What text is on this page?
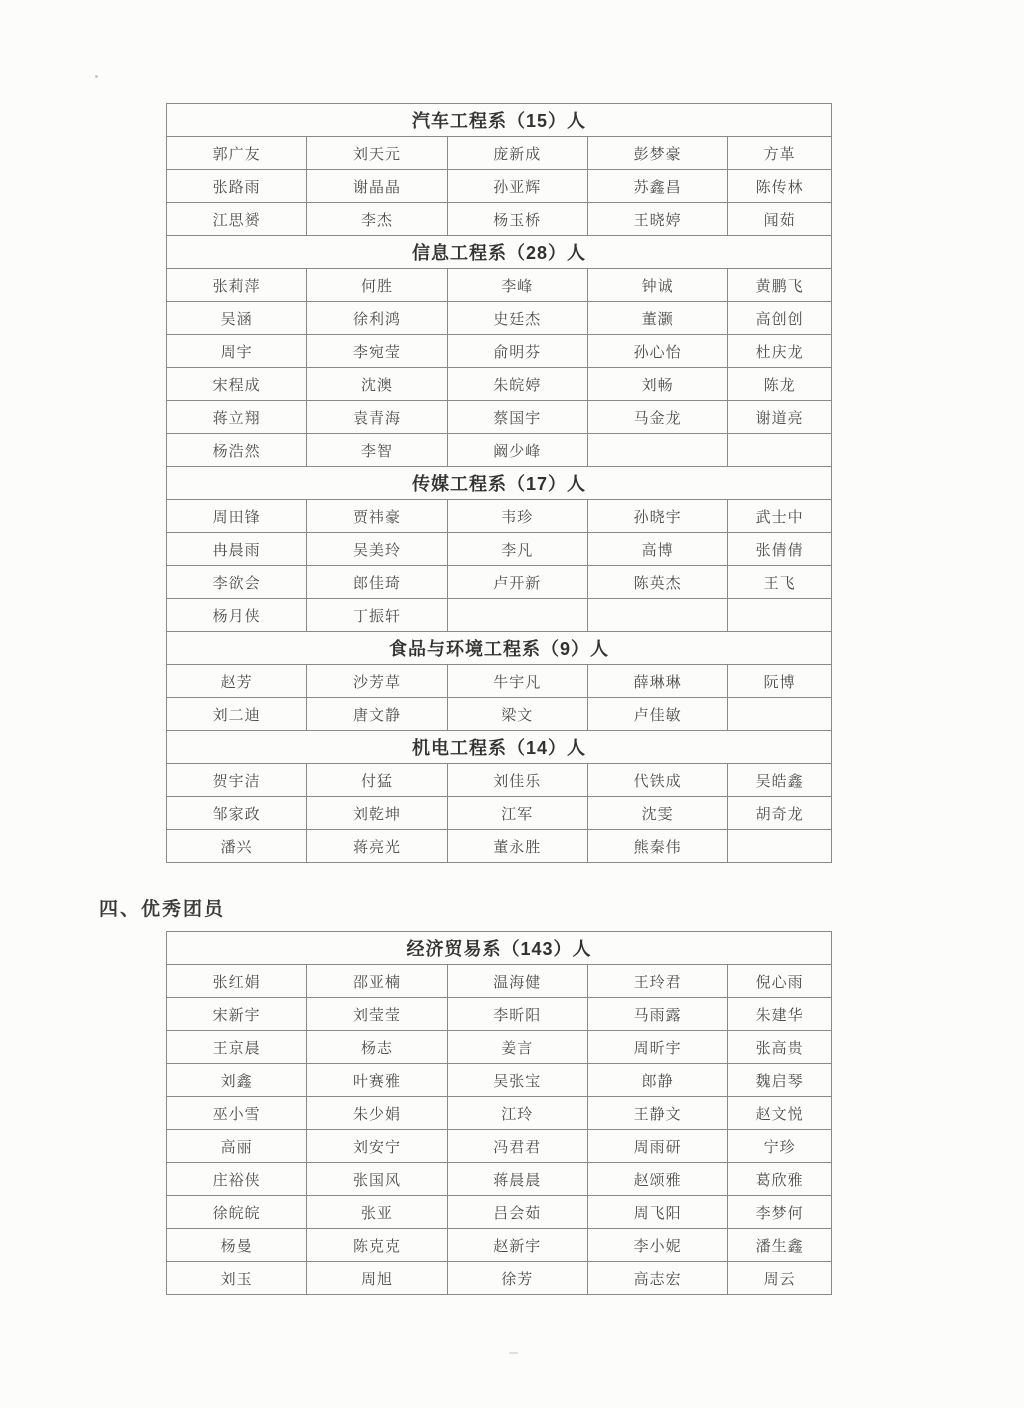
汽车工程系（15）人				
郭广友	刘天元	庞新成	彭梦豪	方革
张路雨	谢晶晶	孙亚辉	苏鑫昌	陈传林
江思赟	李杰	杨玉桥	王晓婷	闻茹
信息工程系（28）人				
张莉萍	何胜	李峰	钟诚	黄鹏飞
吴涵	徐利鸿	史廷杰	董灏	高创创
周宇	李宛莹	俞明芬	孙心怡	杜庆龙
宋程成	沈澳	朱皖婷	刘畅	陈龙
蒋立翔	袁青海	蔡国宇	马金龙	谢道亮
杨浩然	李智	阚少峰		
传媒工程系（17）人				
周田锋	贾祎豪	韦珍	孙晓宇	武士中
冉晨雨	吴美玲	李凡	高博	张倩倩
李欲会	郎佳琦	卢开新	陈英杰	王飞
杨月侠	丁振轩			
食品与环境工程系（9）人				
赵芳	沙芳草	牛宇凡	薛琳琳	阮博
刘二迪	唐文静	梁文	卢佳敏	
机电工程系（14）人				
贺宇洁	付猛	刘佳乐	代铁成	吴皓鑫
邹家政	刘乾坤	江军	沈雯	胡奇龙
潘兴	蒋亮光	董永胜	熊秦伟	
四、优秀团员
经济贸易系（143）人				
张红娟	邵亚楠	温海健	王玲君	倪心雨
宋新宇	刘莹莹	李昕阳	马雨露	朱建华
王京晨	杨志	姜言	周昕宇	张高贵
刘鑫	叶赛雅	吴张宝	郎静	魏启琴
巫小雪	朱少娟	江玲	王静文	赵文悦
高丽	刘安宁	冯君君	周雨研	宁珍
庄裕侠	张国风	蒋晨晨	赵颂雅	葛欣雅
徐皖皖	张亚	吕会茹	周飞阳	李梦何
杨曼	陈克克	赵新宇	李小妮	潘生鑫
刘玉	周旭	徐芳	高志宏	周云
